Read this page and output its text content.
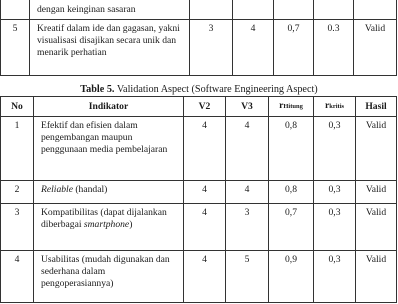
	dengan keinginan sasaran					
5	Kreatif dalam ide dan gagasan, yakni visualisasi disajikan secara unik dan menarik perhatian	3	4	0,7	0.3	Valid
Table 5. Validation Aspect (Software Engineering Aspect)
No	Indikator	V2	V3	rHitung	rkritis	Hasil
1	Efektif dan efisien dalam pengembangan maupun penggunaan media pembelajaran	4	4	0,8	0,3	Valid
2	Reliable (handal)	4	4	0,8	0,3	Valid
3	Kompatibilitas (dapat dijalankan diberbagai smartphone)	4	3	0,7	0,3	Valid
4	Usabilitas (mudah digunakan dan sederhana dalam pengoperasiannya)	4	5	0,9	0,3	Valid
